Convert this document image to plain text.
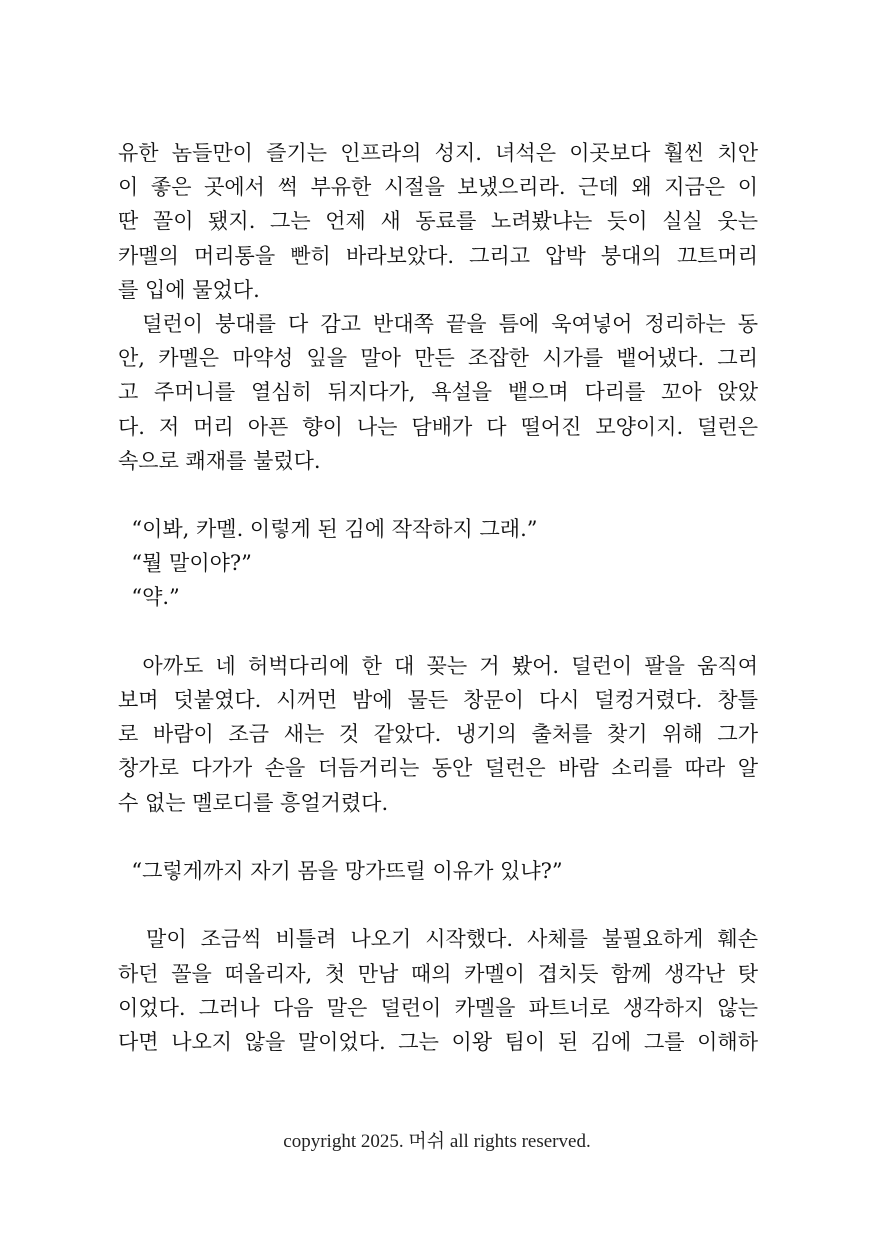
유한 놈들만이 즐기는 인프라의 성지. 녀석은 이곳보다 훨씬 치안
이 좋은 곳에서 썩 부유한 시절을 보냈으리라. 근데 왜 지금은 이
딴 꼴이 됐지. 그는 언제 새 동료를 노려봤냐는 듯이 실실 웃는
카멜의 머리통을 빤히 바라보았다. 그리고 압박 붕대의 끄트머리
를 입에 물었다.
덜런이 붕대를 다 감고 반대쪽 끝을 틈에 욱여넣어 정리하는 동
안, 카멜은 마약성 잎을 말아 만든 조잡한 시가를 뱉어냈다. 그리
고 주머니를 열심히 뒤지다가, 욕설을 뱉으며 다리를 꼬아 앉았
다. 저 머리 아픈 향이 나는 담배가 다 떨어진 모양이지. 덜런은
속으로 쾌재를 불렀다.
“이봐, 카멜. 이렇게 된 김에 작작하지 그래.”
“뭘 말이야?”
“약.”
아까도 네 허벅다리에 한 대 꽂는 거 봤어. 덜런이 팔을 움직여
보며 덧붙였다. 시꺼먼 밤에 물든 창문이 다시 덜컹거렸다. 창틀
로 바람이 조금 새는 것 같았다. 냉기의 출처를 찾기 위해 그가
창가로 다가가 손을 더듬거리는 동안 덜런은 바람 소리를 따라 알
수 없는 멜로디를 흥얼거렸다.
“그렇게까지 자기 몸을 망가뜨릴 이유가 있냐?”
말이 조금씩 비틀려 나오기 시작했다. 사체를 불필요하게 훼손
하던 꼴을 떠올리자, 첫 만남 때의 카멜이 겹치듯 함께 생각난 탓
이었다. 그러나 다음 말은 덜런이 카멜을 파트너로 생각하지 않는
다면 나오지 않을 말이었다. 그는 이왕 팀이 된 김에 그를 이해하
copyright 2025. 머쉬 all rights reserved.
